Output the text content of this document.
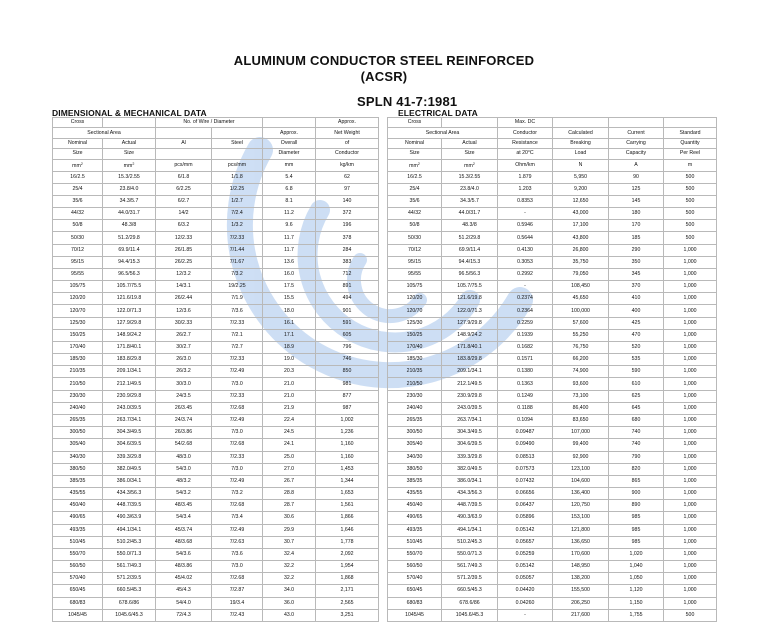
ALUMINUM CONDUCTOR STEEL REINFORCED
(ACSR)
SPLN 41-7:1981
DIMENSIONAL & MECHANICAL DATA	ELECTRICAL DATA
Cross		No. of Wire / Diameter			Approx.		Cross		Max. DC			
Sectional Area				Approx.	Net Weight		Sectional Area		Conductor	Calculated	Current	Standard
Nominal	Actual	Al	Steel	Overall	of		Nominal	Actual	Resistance	Breaking	Carrying	Quantity
Size	Size			Diameter	Conductor		Size	Size	at 20°C	Load	Capacity	Per Reel
$mm^2$	$mm^2$	pcs/mm	pcs/mm	mm	kg/km		$mm^2$	$mm^2$	Ohm/km	N	A	m
16/2.5	15.3/2.55	6/1.8	1/1.8	5.4	62		16/2.5	15.3/2.55	1.879	5,950	90	500
25/4	23.8/4.0	6/2.25	1/2.25	6.8	97		25/4	23.8/4.0	1.203	9,200	125	500
35/6	34.3/5.7	6/2.7	1/2.7	8.1	140		35/6	34.3/5.7	0.8353	12,650	145	500
44/32	44.0/31.7	14/2	7/2.4	11.2	372		44/32	44.0/31.7	-	43,000	180	500
50/8	48.3/8	6/3.2	1/3.2	9.6	196		50/8	48.3/8	0.5946	17,100	170	500
50/30	51.2/29.8	12/2.33	7/2.33	11.7	378		50/30	51.2/29.8	0.5644	43,800	185	500
70/12	69.9/11.4	26/1.85	7/1.44	11.7	284		70/12	69.9/11.4	0.4130	26,800	290	1,000
95/15	94.4/15.3	26/2.25	7/1.67	13.6	383		95/15	94.4/15.3	0.3053	35,750	350	1,000
95/55	96.5/56.3	12/3.2	7/3.2	16.0	712		95/55	96.5/56.3	0.2992	79,050	345	1,000
105/75	105.7/75.5	14/3.1	19/2.25	17.5	891		105/75	105.7/75.5	-	108,450	370	1,000
120/20	121.6/19.8	26/2.44	7/1.9	15.5	494		120/20	121.6/19.8	0.2374	45,650	410	1,000
120/70	122.0/71.3	12/3.6	7/3.6	18.0	901		120/70	122.0/71.3	0.2364	100,000	400	1,000
125/30	127.9/29.8	30/2.33	7/2.33	16.1	591		125/30	127.9/29.8	0.2259	57,600	425	1,000
150/25	148.9/24.2	26/2.7	7/2.1	17.1	605		150/25	148.9/24.2	0.1939	55,250	470	1,000
170/40	171.8/40.1	30/2.7	7/2.7	18.9	796		170/40	171.8/40.1	0.1682	76,750	520	1,000
185/30	183.8/29.8	26/3.0	7/2.33	19.0	746		185/30	183.8/29.8	0.1571	66,200	535	1,000
210/35	209.1/34.1	26/3.2	7/2.49	20.3	850		210/35	209.1/34.1	0.1380	74,900	590	1,000
210/50	212.1/49.5	30/3.0	7/3.0	21.0	981		210/50	212.1/49.5	0.1363	93,600	610	1,000
230/30	230.9/29.8	24/3.5	7/2.33	21.0	877		230/30	230.9/29.8	0.1249	73,100	625	1,000
240/40	243.0/39.5	26/3.45	7/2.68	21.9	987		240/40	243.0/39.5	0.1188	86,400	645	1,000
265/35	263.7/34.1	24/3.74	7/2.49	22.4	1,002		265/35	263.7/34.1	0.1094	83,650	680	1,000
300/50	304.3/49.5	26/3.86	7/3.0	24.5	1,236		300/50	304.3/49.5	0.09487	107,000	740	1,000
305/40	304.6/39.5	54/2.68	7/2.68	24.1	1,160		305/40	304.6/39.5	0.09490	99,400	740	1,000
340/30	339.3/29.8	48/3.0	7/2.33	25.0	1,160		340/30	339.3/29.8	0.08513	92,900	790	1,000
380/50	382.0/49.5	54/3.0	7/3.0	27.0	1,453		380/50	382.0/49.5	0.07573	123,100	820	1,000
385/35	386.0/34.1	48/3.2	7/2.49	26.7	1,344		385/35	386.0/34.1	0.07432	104,600	865	1,000
435/55	434.3/56.3	54/3.2	7/3.2	28.8	1,653		435/55	434.3/56.3	0.06656	136,400	900	1,000
450/40	448.7/39.5	48/3.45	7/2.68	28.7	1,561		450/40	448.7/39.5	0.06437	120,750	890	1,000
490/65	490.3/63.9	54/3.4	7/3.4	30.6	1,866		490/65	490.3/63.9	0.05896	153,100	985	1,000
493/35	494.1/34.1	45/3.74	7/2.49	29.9	1,646		493/35	494.1/34.1	0.05142	121,800	985	1,000
510/45	510.2/45.3	48/3.68	7/2.63	30.7	1,778		510/45	510.2/45.3	0.05657	136,650	985	1,000
550/70	550.0/71.3	54/3.6	7/3.6	32.4	2,092		550/70	550.0/71.3	0.05259	170,600	1,020	1,000
560/50	561.7/49.3	48/3.86	7/3.0	32.2	1,954		560/50	561.7/49.3	0.05142	148,950	1,040	1,000
570/40	571.2/39.5	45/4.02	7/2.68	32.2	1,868		570/40	571.2/39.5	0.05057	138,200	1,050	1,000
650/45	660.5/45.3	45/4.3	7/2.87	34.0	2,171		650/45	660.5/45.3	0.04420	155,500	1,120	1,000
680/83	678.6/86	54/4.0	19/3.4	36.0	2,565		680/83	678.6/86	0.04260	206,250	1,150	1,000
1045/45	1045.6/45.3	72/4.3	7/2.43	43.0	3,251		1045/45	1045.6/45.3	-	217,600	1,755	500
